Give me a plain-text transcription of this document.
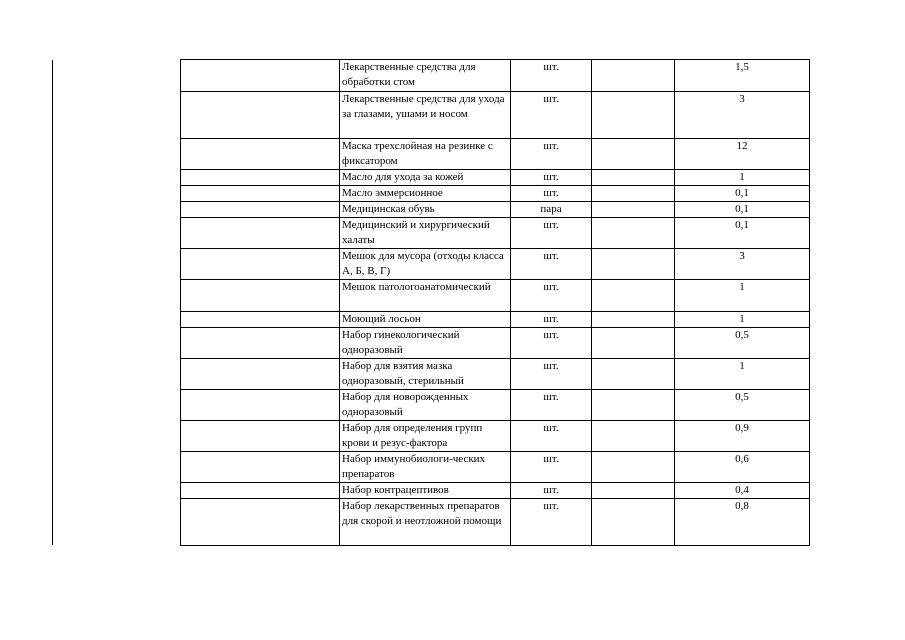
	Лекарственные средства для обработки стом	шт.		1,5
	Лекарственные средства для ухода за глазами, ушами и носом	шт.		3
	Маска трехслойная на резинке с фиксатором	шт.		12
	Масло для ухода за кожей	шт.		1
	Масло эммерсионное	шт.		0,1
	Медицинская обувь	пара		0,1
	Медицинский и хирургический халаты	шт.		0,1
	Мешок для мусора (отходы класса А, Б, В, Г)	шт.		3
	Мешок патологоанатомический	шт.		1
	Моющий лосьон	шт.		1
	Набор гинекологический одноразовый	шт.		0,5
	Набор для взятия мазка одноразовый, стерильный	шт.		1
	Набор для новорожденных одноразовый	шт.		0,5
	Набор для определения групп крови и резус-фактора	шт.		0,9
	Набор иммунобиологи-ческих препаратов	шт.		0,6
	Набор контрацептивов	шт.		0,4
	Набор лекарственных препаратов для скорой и неотложной помощи	шт.		0,8
